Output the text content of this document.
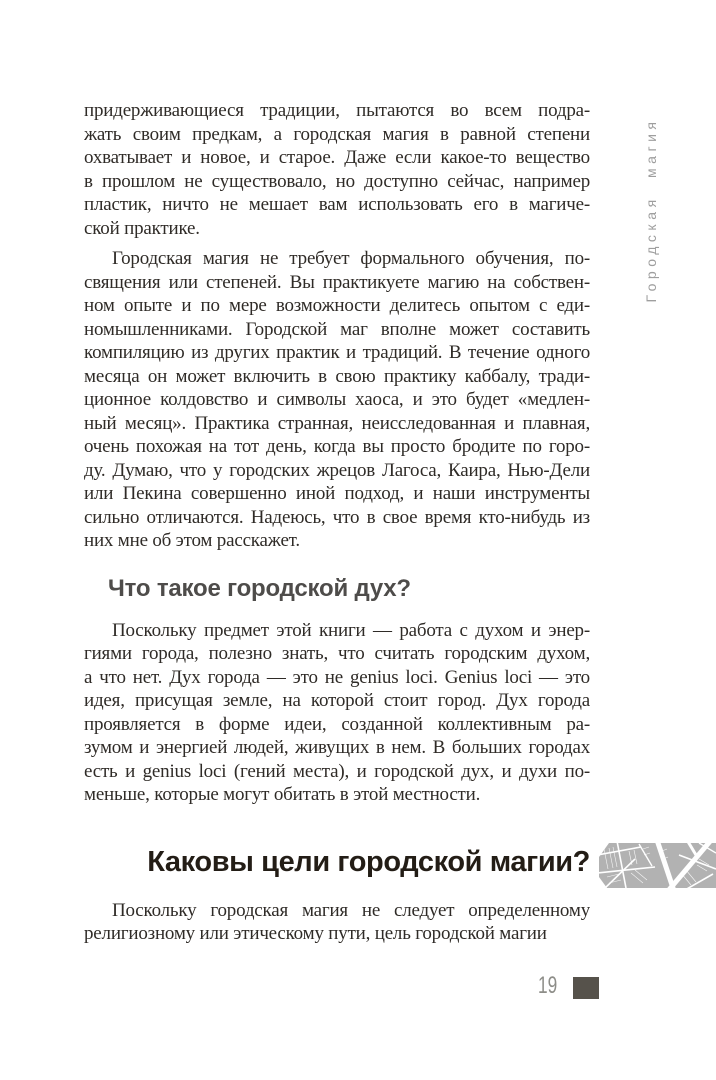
придерживающиеся традиции, пытаются во всем подра-
жать своим предкам, а городская магия в равной степени
охватывает и новое, и старое. Даже если какое-то вещество
в прошлом не существовало, но доступно сейчас, например
пластик, ничто не мешает вам использовать его в магиче-
ской практике.
Городская магия не требует формального обучения, по-
священия или степеней. Вы практикуете магию на собствен-
ном опыте и по мере возможности делитесь опытом с еди-
номышленниками. Городской маг вполне может составить
компиляцию из других практик и традиций. В течение одного
месяца он может включить в свою практику каббалу, тради-
ционное колдовство и символы хаоса, и это будет «медлен-
ный месяц». Практика странная, неисследованная и плавная,
очень похожая на тот день, когда вы просто бродите по горо-
ду. Думаю, что у городских жрецов Лагоса, Каира, Нью-Дели
или Пекина совершенно иной подход, и наши инструменты
сильно отличаются. Надеюсь, что в свое время кто-нибудь из
них мне об этом расскажет.
Что такое городской дух?
Поскольку предмет этой книги — работа с духом и энер-
гиями города, полезно знать, что считать городским духом,
а что нет. Дух города — это не genius loci. Genius loci — это
идея, присущая земле, на которой стоит город. Дух города
проявляется в форме идеи, созданной коллективным ра-
зумом и энергией людей, живущих в нем. В больших городах
есть и genius loci (гений места), и городской дух, и духи по-
меньше, которые могут обитать в этой местности.
Каковы цели городской магии?
Поскольку городская магия не следует определенному
религиозному или этическому пути, цель городской магии
Городская магия
19
